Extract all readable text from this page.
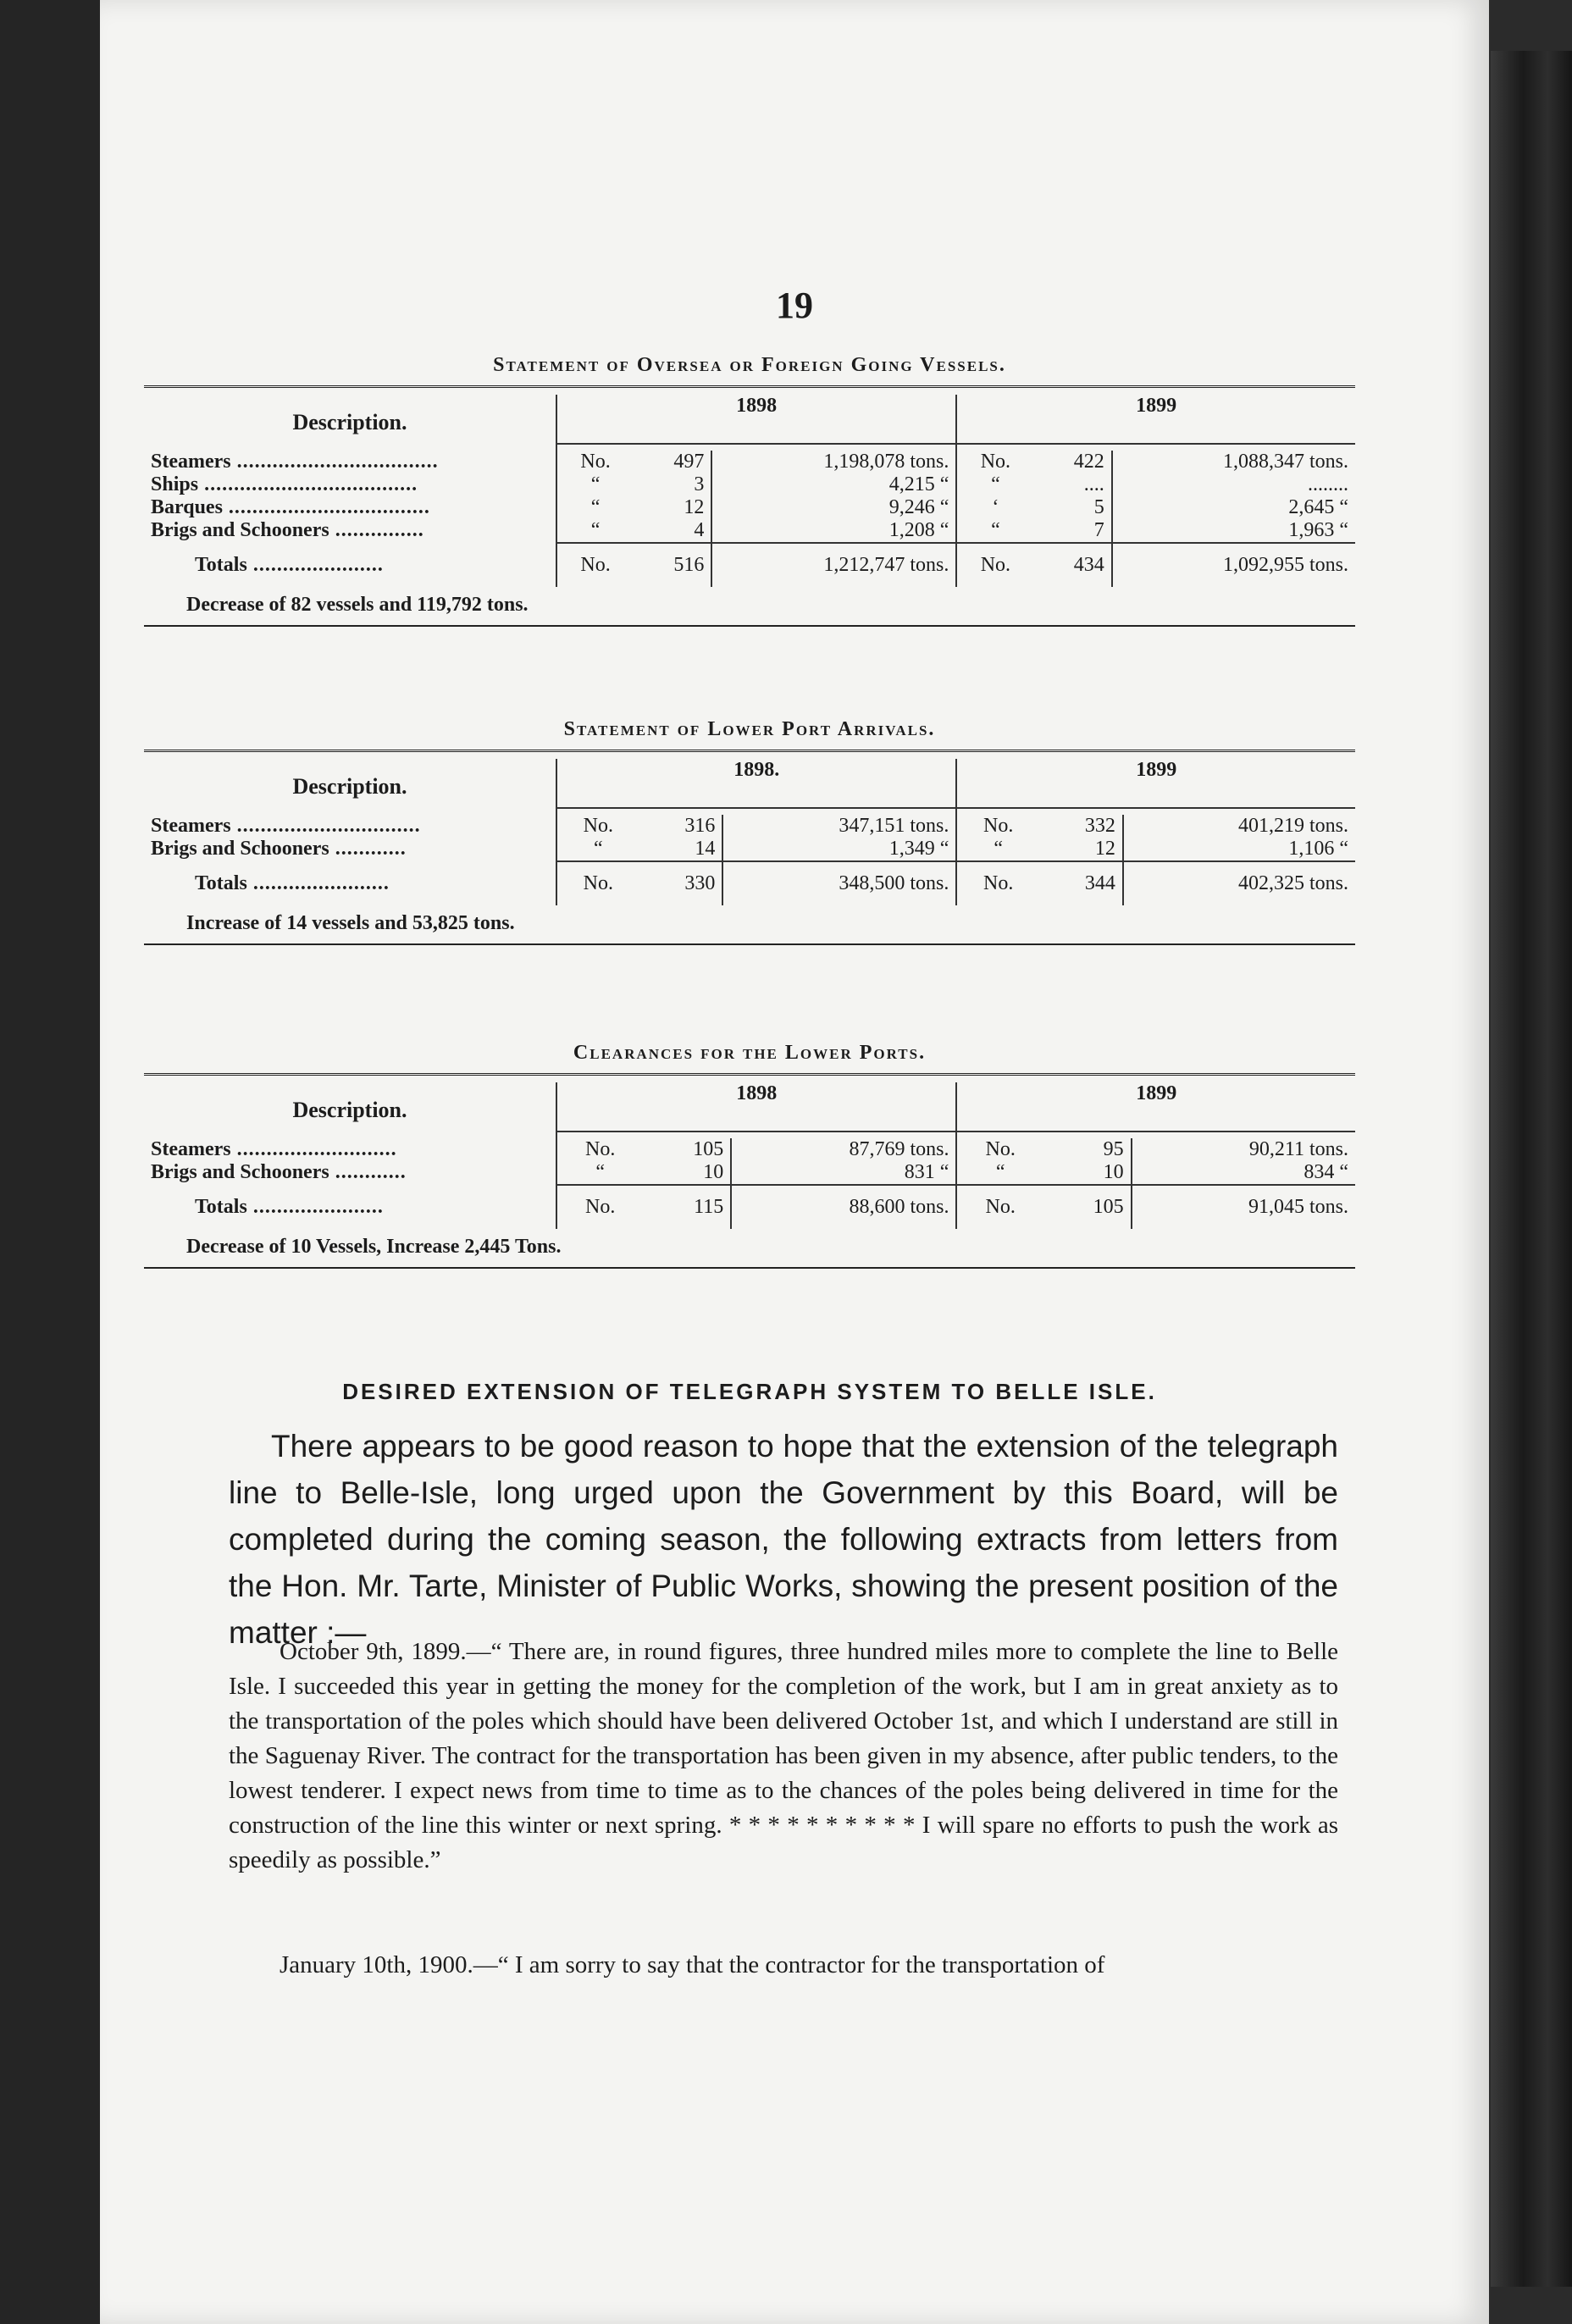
19
Statement of Oversea or Foreign Going Vessels.
Description.	1898			1899		

Steamers ..................................	No.	497	1,198,078 tons.	No.	422	1,088,347 tons.
Ships ....................................	“	3	4,215 “	“	....	........
Barques ..................................	“	12	9,246 “	‘	5	2,645 “
Brigs and Schooners ...............	“	4	1,208 “	“	7	1,963 “
Totals ......................	No.	516	1,212,747 tons.	No.	434	1,092,955 tons.
Decrease of 82 vessels and 119,792 tons.
Statement of Lower Port Arrivals.
Description.	1898.			1899		

Steamers ...............................	No.	316	347,151 tons.	No.	332	401,219 tons.
Brigs and Schooners ............	“	14	1,349 “	“	12	1,106 “
Totals .......................	No.	330	348,500 tons.	No.	344	402,325 tons.
Increase of 14 vessels and 53,825 tons.
Clearances for the Lower Ports.
Description.	1898			1899		

Steamers ...........................	No.	105	87,769 tons.	No.	95	90,211 tons.
Brigs and Schooners ............	“	10	831 “	“	10	834 “
Totals ......................	No.	115	88,600 tons.	No.	105	91,045 tons.
Decrease of 10 Vessels, Increase 2,445 Tons.
DESIRED EXTENSION OF TELEGRAPH SYSTEM TO BELLE ISLE.
There appears to be good reason to hope that the extension of the telegraph line to Belle-Isle, long urged upon the Government by this Board, will be completed during the coming season, the following extracts from letters from the Hon. Mr. Tarte, Minister of Public Works, showing the present position of the matter :—
October 9th, 1899.—“ There are, in round figures, three hundred miles more to complete the line to Belle Isle. I succeeded this year in getting the money for the completion of the work, but I am in great anxiety as to the transportation of the poles which should have been delivered October 1st, and which I understand are still in the Saguenay River. The contract for the transportation has been given in my absence, after public tenders, to the lowest tenderer. I expect news from time to time as to the chances of the poles being delivered in time for the construction of the line this winter or next spring. * * * * * * * * * * I will spare no efforts to push the work as speedily as possible.”
January 10th, 1900.—“ I am sorry to say that the contractor for the transportation of
